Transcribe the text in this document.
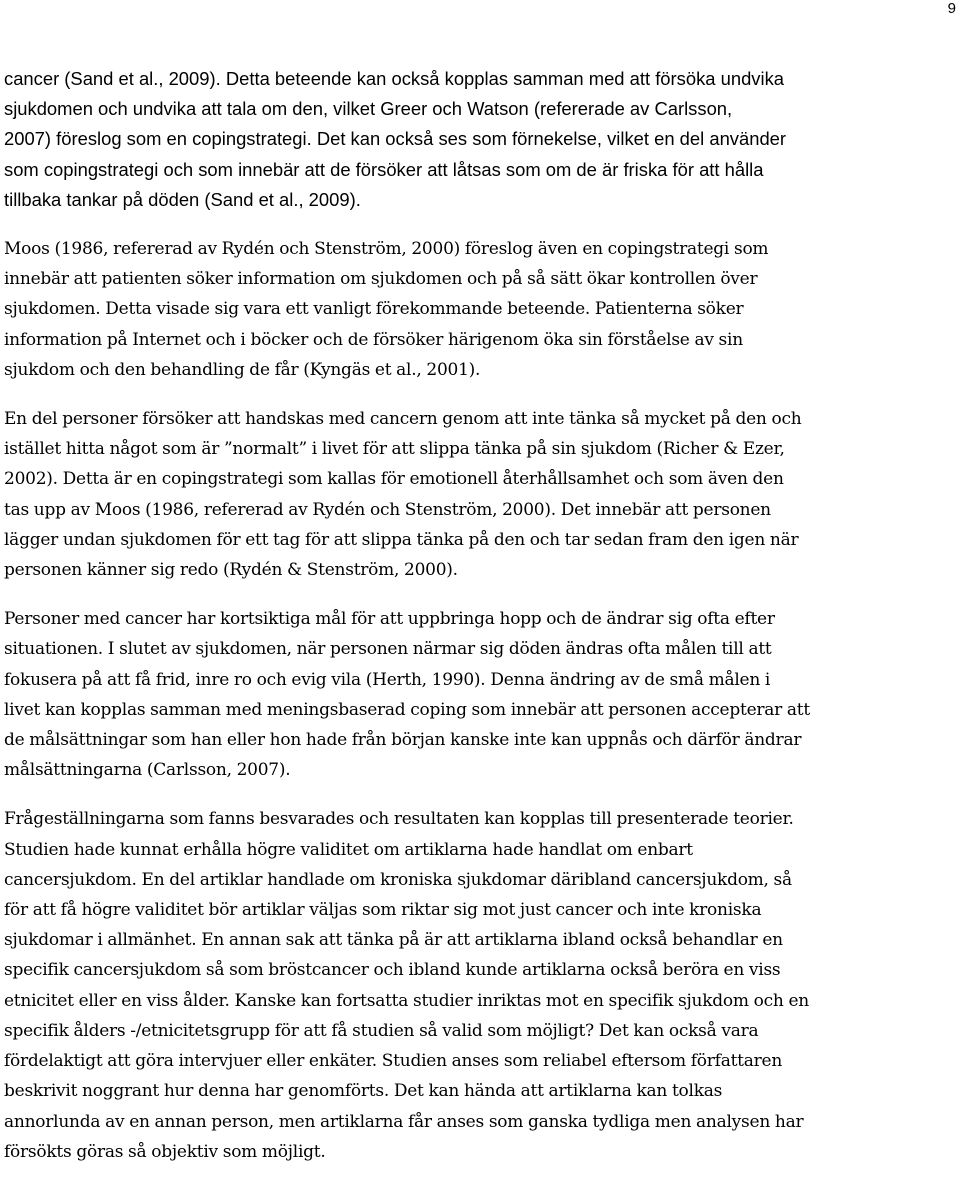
9

cancer (Sand et al., 2009). Detta beteende kan också kopplas samman med att försöka undvika
sjukdomen och undvika att tala om den, vilket Greer och Watson (refererade av Carlsson,
2007) föreslog som en copingstrategi. Det kan också ses som förnekelse, vilket en del använder
som copingstrategi och som innebär att de försöker att låtsas som om de är friska för att hålla
tillbaka tankar på döden (Sand et al., 2009).

Moos (1986, refererad av Rydén och Stenström, 2000) föreslog även en copingstrategi som
innebär att patienten söker information om sjukdomen och på så sätt ökar kontrollen över
sjukdomen. Detta visade sig vara ett vanligt förekommande beteende. Patienterna söker
information på Internet och i böcker och de försöker härigenom öka sin förståelse av sin
sjukdom och den behandling de får (Kyngäs et al., 2001).

En del personer försöker att handskas med cancern genom att inte tänka så mycket på den och
istället hitta något som är ”normalt” i livet för att slippa tänka på sin sjukdom (Richer & Ezer,
2002). Detta är en copingstrategi som kallas för emotionell återhållsamhet och som även den
tas upp av Moos (1986, refererad av Rydén och Stenström, 2000). Det innebär att personen
lägger undan sjukdomen för ett tag för att slippa tänka på den och tar sedan fram den igen när
personen känner sig redo (Rydén & Stenström, 2000).

Personer med cancer har kortsiktiga mål för att uppbringa hopp och de ändrar sig ofta efter
situationen. I slutet av sjukdomen, när personen närmar sig döden ändras ofta målen till att
fokusera på att få frid, inre ro och evig vila (Herth, 1990). Denna ändring av de små målen i
livet kan kopplas samman med meningsbaserad coping som innebär att personen accepterar att
de målsättningar som han eller hon hade från början kanske inte kan uppnås och därför ändrar
målsättningarna (Carlsson, 2007).

Frågeställningarna som fanns besvarades och resultaten kan kopplas till presenterade teorier.
Studien hade kunnat erhålla högre validitet om artiklarna hade handlat om enbart
cancersjukdom. En del artiklar handlade om kroniska sjukdomar däribland cancersjukdom, så
för att få högre validitet bör artiklar väljas som riktar sig mot just cancer och inte kroniska
sjukdomar i allmänhet. En annan sak att tänka på är att artiklarna ibland också behandlar en
specifik cancersjukdom så som bröstcancer och ibland kunde artiklarna också beröra en viss
etnicitet eller en viss ålder. Kanske kan fortsatta studier inriktas mot en specifik sjukdom och en
specifik ålders -/etnicitetsgrupp för att få studien så valid som möjligt? Det kan också vara
fördelaktigt att göra intervjuer eller enkäter. Studien anses som reliabel eftersom författaren
beskrivit noggrant hur denna har genomförts. Det kan hända att artiklarna kan tolkas
annorlunda av en annan person, men artiklarna får anses som ganska tydliga men analysen har
försökts göras så objektiv som möjligt.
